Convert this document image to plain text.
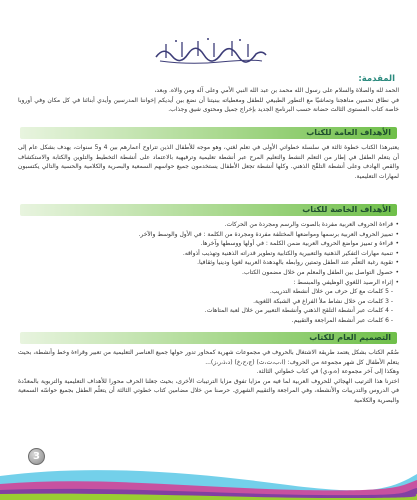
المقدمة:

الحمد لله والصلاة والسلام على رسول الله محمد بن عبد الله النبي الأمي وعلى آله ومن والاه. وبعد،

في نطاق تحسين مناهجنا وتماشيًا مع التطور الطبيعي للطفل ومعطياته ببنيتنا أن نضع بين أيديكم إخواننا المدرسين وأيدي أبنائنا في كل مكان وفي أوروبا خاصة كتاب المستوى الثالث حضانة حسب البرنامج الجديد بإخراج جميل ومحتوى شيق وجذاب.

الأهداف العامة للكتاب

يعتبرهذا الكتاب خطوة ثالثة في سلسلة خطواتي الأولى في تعلم لغتي، وهو موجه للأطفال الذين تتراوح أعمارهم بين 4 و5 سنوات، يهدف بشكل عام إلى أن يتعلم الطفل في إطار من التعلم النشط والتعليم المرح عبر أنشطة تعليمية وترفيهية بالاعتماد على أنشطة التخطيط والتلوين والكتابة والاستكشاف والقص الهادف وعلى أنشطة التلقّح الذهني. وكلها أنشطة تجعل الأطفال يستخدمون جميع حواسهم السمعية والبصرية والكلامية والحسية والتالي يكتسبون لمهارات التعليمية.

الأهداف الخاصة للكتاب
• قراءة الحروف العربية مفردة بالصوت والرسم ومجردة من الحركات.
• تمييز الحروف العربية برسمها ومواضعها المختلفة مفردة ومجردة من الكلمة : في الأول والوسط والآخر.
• قراءة و تمييز مواضع الحروف العربية ضمن الكلمة : في أولها ووسطها وآخرها.
• تنمية مهارات التفكير الذهنية والتعبيرية والكتابية وتطوير قدراته الذهنية وتهذيب أذواقه.
• تقوية رغبة التعلّم عند الطفل وتمتين روابطه بالهدهدة العربية لغويا ودينيا وثقافيا.
• حصول التواصل بين الطفل والمعلم من خلال مضمون الكتاب.
• إثراء الرصيد اللغوي الوظيفي والمبسط :
- 5 كلمات مع كل حرف من خلال أنشطة التدريب.
- 3 كلمات من خلال نشاط ملأ الفراغ في الشبكة اللغوية.
- 4 كلمات عبر أنشطة التلقح الذهني وأنشطة التعبير من خلال لعبة المتاهات.
- 6 كلمات عبر أنشطة المراجعة والتقييم.
التصميم العام للكتاب

صُمّم الكتاب بشكل يعتمد طريقة الاشتغال بالحروف في مجموعات شهرية كمحاور تدور حولها جميع العناصر التعليمية من تعبير وقراءة وخط وأنشطة، بحيث يتعلم الأطفال كل شهر مجموعة من الحروف: (ا،ب،ت،ث) (ج،ح،خ) (د،ذ،ر،ز)...

وهكذا إلى آخر مجموعة (ه،و،ي) في كتاب خطواتي الثالثة.

اخترنا هذا الترتيب الهجائي للحروف العربية لما فيه من مزايا تفوق مزايا الترتيبات الأخرى، بحيث جعلنا الحرف محورا للأهداف التعليمية والتربوية بالمعدّدة في الدروس والتدريبات والأنشطة، وفي المراجعة والتقييم الشهري. حرصنا من خلال مضامين كتاب خطوتي الثالثة أن يتعلّم الطفل بجميع حواسّه السمعية والبصرية والكلامية

3
